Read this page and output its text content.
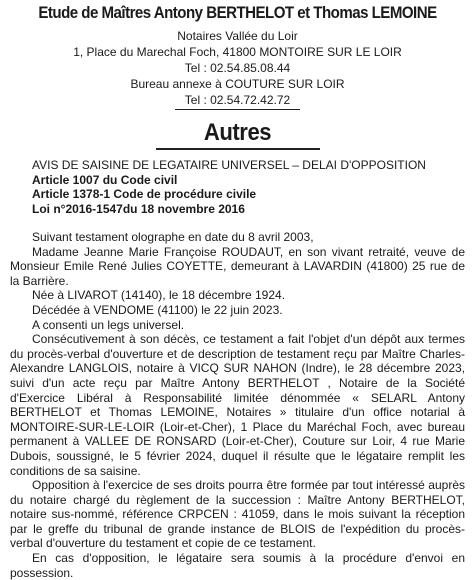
Etude de Maîtres Antony BERTHELOT et Thomas LEMOINE
Notaires Vallée du Loir
1, Place du Marechal Foch, 41800 MONTOIRE SUR LE LOIR
Tel : 02.54.85.08.44
Bureau annexe à COUTURE SUR LOIR
Tel : 02.54.72.42.72
Autres
AVIS DE SAISINE DE LEGATAIRE UNIVERSEL – DELAI D'OPPOSITION
Article 1007 du Code civil
Article 1378-1 Code de procédure civile
Loi n°2016-1547du 18 novembre 2016

Suivant testament olographe en date du 8 avril 2003,

Madame Jeanne Marie Françoise ROUDAUT, en son vivant retraité, veuve de Monsieur Emile René Julies COYETTE, demeurant à LAVARDIN (41800) 25 rue de la Barrière.

Née à LIVAROT (14140), le 18 décembre 1924.

Décédée à VENDOME (41100) le 22 juin 2023.

A consenti un legs universel.

Consécutivement à son décès, ce testament a fait l'objet d'un dépôt aux termes du procès-verbal d'ouverture et de description de testament reçu par Maître Charles-Alexandre LANGLOIS, notaire à VICQ SUR NAHON (Indre), le 28 décembre 2023, suivi d'un acte reçu par Maître Antony BERTHELOT , Notaire de la Société d'Exercice Libéral à Responsabilité limitée dénommée « SELARL Antony BERTHELOT et Thomas LEMOINE, Notaires » titulaire d'un office notarial à MONTOIRE-SUR-LE-LOIR (Loir-et-Cher), 1 Place du Maréchal Foch, avec bureau permanent à VALLEE DE RONSARD (Loir-et-Cher), Couture sur Loir, 4 rue Marie Dubois, soussigné, le 5 février 2024, duquel il résulte que le légataire remplit les conditions de sa saisine.

Opposition à l'exercice de ses droits pourra être formée par tout intéressé auprès du notaire chargé du règlement de la succession : Maître Antony BERTHELOT, notaire sus-nommé, référence CRPCEN : 41059, dans le mois suivant la réception par le greffe du tribunal de grande instance de BLOIS de l'expédition du procès-verbal d'ouverture du testament et copie de ce testament.

En cas d'opposition, le légataire sera soumis à la procédure d'envoi en possession.
